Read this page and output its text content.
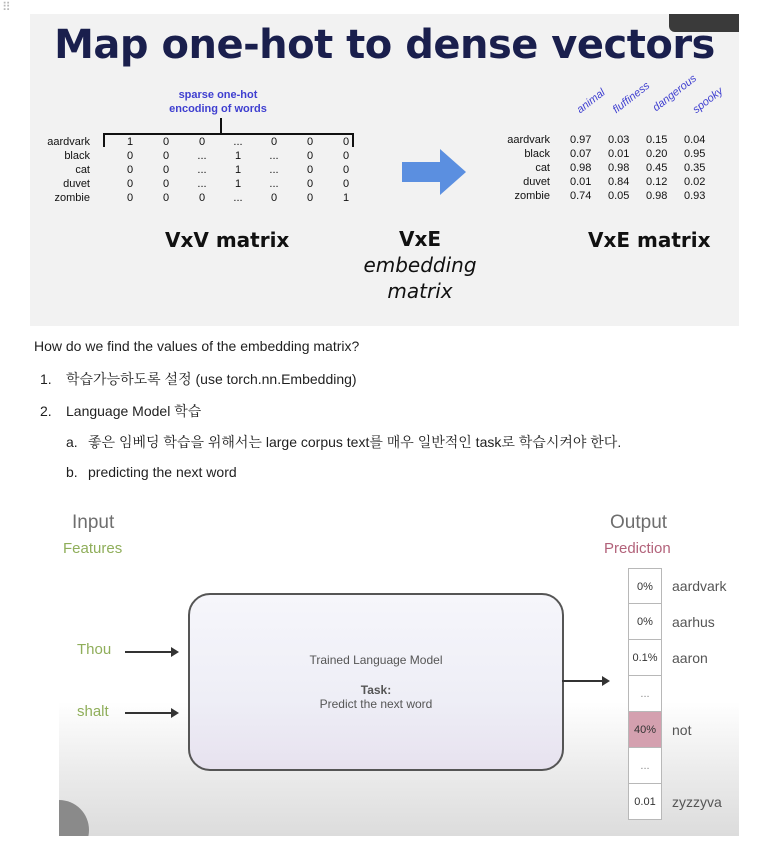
⠿
Map one-hot to dense vectors
sparse one-hot
encoding of words
aardvark	1	0	0	...	0	0	0
black	0	0	...	1	...	0	0
cat	0	0	...	1	...	0	0
duvet	0	0	...	1	...	0	0
zombie	0	0	0	...	0	0	1
animal fluffiness
dangerous
spooky
aardvark	0.97	0.03	0.15	0.04
black	0.07	0.01	0.20	0.95
cat	0.98	0.98	0.45	0.35
duvet	0.01	0.84	0.12	0.02
zombie	0.74	0.05	0.98	0.93
VxV matrix	VxE
embedding
matrix
VxE matrix
How do we find the values of the embedding matrix?
1. 학습가능하도록 설정 (use torch.nn.Embedding)
2. Language Model 학습
a. 좋은 임베딩 학습을 위해서는 large corpus text를 매우 일반적인 task로 학습시켜야 한다.
b. predicting the next word
Input
Features
Output
Prediction
Thou
shalt
Trained Language Model
Task:
Predict the next word
0%
0%
0.1%
...
40%
...
0.01
aardvark
aarhus
aaron
not
zyzzyva
